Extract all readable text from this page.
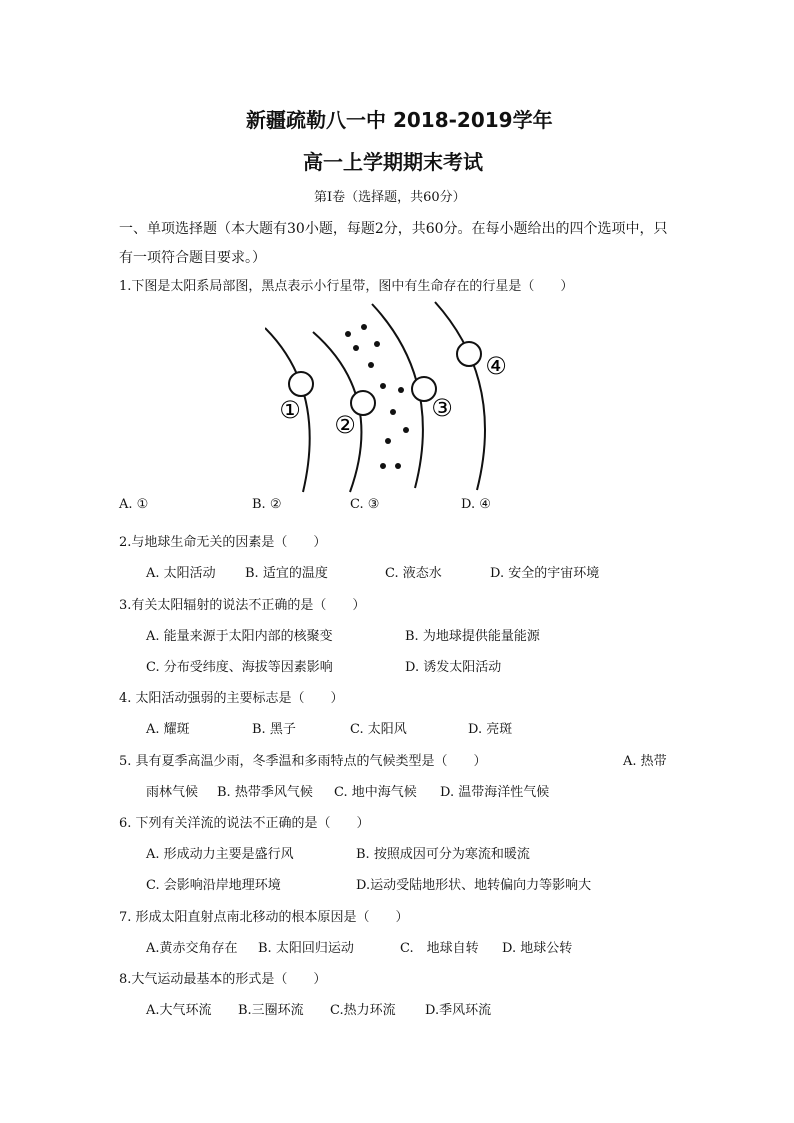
新疆疏勒八一中 2018-2019学年
高一上学期期末考试
第Ⅰ卷（选择题，共60分）
一、单项选择题（本大题有30小题，每题2分，共60分。在每小题给出的四个选项中，只
有一项符合题目要求。）
1.下图是太阳系局部图，黑点表示小行星带，图中有生命存在的行星是（　　）
①
②
③
④
A. ①	B. ②	C. ③	D. ④
2.与地球生命无关的因素是（　　）
A. 太阳活动 B. 适宜的温度	C. 液态水	D. 安全的宇宙环境
3.有关太阳辐射的说法不正确的是（　　）
A. 能量来源于太阳内部的核聚变	B. 为地球提供能量能源
C. 分布受纬度、海拔等因素影响	D. 诱发太阳活动
4. 太阳活动强弱的主要标志是（　　）
A. 耀斑	B. 黑子	C. 太阳风	D. 亮斑
5. 具有夏季高温少雨，冬季温和多雨特点的气候类型是（　　）	A. 热带
雨林气候 B. 热带季风气候 C. 地中海气候 D. 温带海洋性气候
6. 下列有关洋流的说法不正确的是（　　）
A. 形成动力主要是盛行风	B. 按照成因可分为寒流和暖流
C. 会影响沿岸地理环境	D.运动受陆地形状、地转偏向力等影响大
7. 形成太阳直射点南北移动的根本原因是（　　）
A.黄赤交角存在 B. 太阳回归运动	C.　地球自转 D. 地球公转
8.大气运动最基本的形式是（　　）
A.大气环流 B.三圈环流 C.热力环流 D.季风环流
